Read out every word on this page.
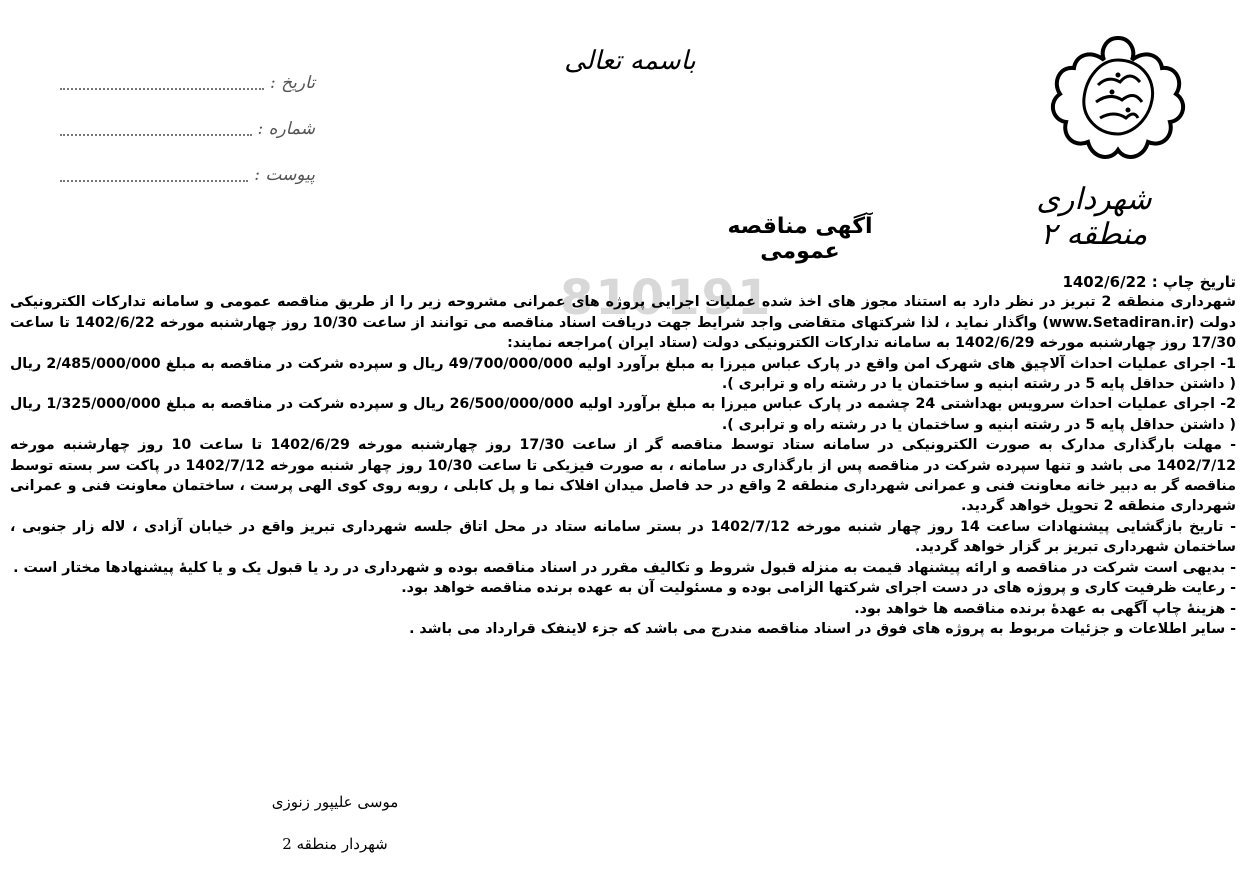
شهرداری منطقه ۲
باسمه تعالی
تاریخ :
شماره :
پیوست :
آگهی مناقصه عمومی
810191	تاریخ چاپ : 1402/6/22

شهرداری منطقه 2 تبریز در نظر دارد به استناد مجوز های اخذ شده عملیات اجرایی پروژه های عمرانی مشروحه زیر را از طریق مناقصه عمومی و سامانه تدارکات الکترونیکی دولت (www.Setadiran.ir) واگذار نماید ، لذا شرکتهای متقاضی واجد شرایط جهت دریافت اسناد مناقصه می توانند از ساعت 10/30 روز چهارشنبه مورخه 1402/6/22 تا ساعت 17/30 روز چهارشنبه مورخه 1402/6/29 به سامانه تدارکات الکترونیکی دولت (ستاد ایران )مراجعه نمایند:

1- اجرای عملیات احداث آلاچیق های شهرک امن واقع در پارک عباس میرزا به مبلغ برآورد اولیه 49/700/000/000 ریال و سپرده شرکت در مناقصه به مبلغ 2/485/000/000 ریال ( داشتن حداقل پایه 5 در رشته ابنیه و ساختمان یا در رشته راه و ترابری ).

2- اجرای عملیات احداث سرویس بهداشتی 24 چشمه در پارک عباس میرزا به مبلغ برآورد اولیه 26/500/000/000 ریال و سپرده شرکت در مناقصه به مبلغ 1/325/000/000 ریال ( داشتن حداقل پایه 5 در رشته ابنیه و ساختمان یا در رشته راه و ترابری ).

- مهلت بارگذاری مدارک به صورت الکترونیکی در سامانه ستاد توسط مناقصه گر از ساعت 17/30 روز چهارشنبه مورخه 1402/6/29 تا ساعت 10 روز چهارشنبه مورخه 1402/7/12 می باشد و تنها سپرده شرکت در مناقصه پس از بارگذاری در سامانه ، به صورت فیزیکی تا ساعت 10/30 روز چهار شنبه مورخه 1402/7/12 در پاکت سر بسته توسط مناقصه گر به دبیر خانه معاونت فنی و عمرانی شهرداری منطقه 2 واقع در حد فاصل میدان افلاک نما و پل کابلی ، روبه روی کوی الهی پرست ، ساختمان معاونت فنی و عمرانی شهرداری منطقه 2 تحویل خواهد گردید.

- تاریخ بازگشایی پیشنهادات ساعت 14 روز چهار شنبه مورخه 1402/7/12 در بستر سامانه ستاد در محل اتاق جلسه شهرداری تبریز واقع در خیابان آزادی ، لاله زار جنوبی ، ساختمان شهرداری تبریز بر گزار خواهد گردید.

- بدیهی است شرکت در مناقصه و ارائه پیشنهاد قیمت به منزله قبول شروط و تکالیف مقرر در اسناد مناقصه بوده و شهرداری در رد یا قبول یک و یا کلیهٔ پیشنهادها مختار است .

- رعایت ظرفیت کاری و پروژه های در دست اجرای شرکتها الزامی بوده و مسئولیت آن به عهده برنده مناقصه خواهد بود.

- هزینهٔ چاپ آگهی به عهدهٔ برنده مناقصه ها خواهد بود.

- سایر اطلاعات و جزئیات مربوط به پروژه های فوق در اسناد مناقصه مندرج می باشد که جزء لاینفک قرارداد می باشد .

موسی علیپور زنوزی
شهردار منطقه 2
